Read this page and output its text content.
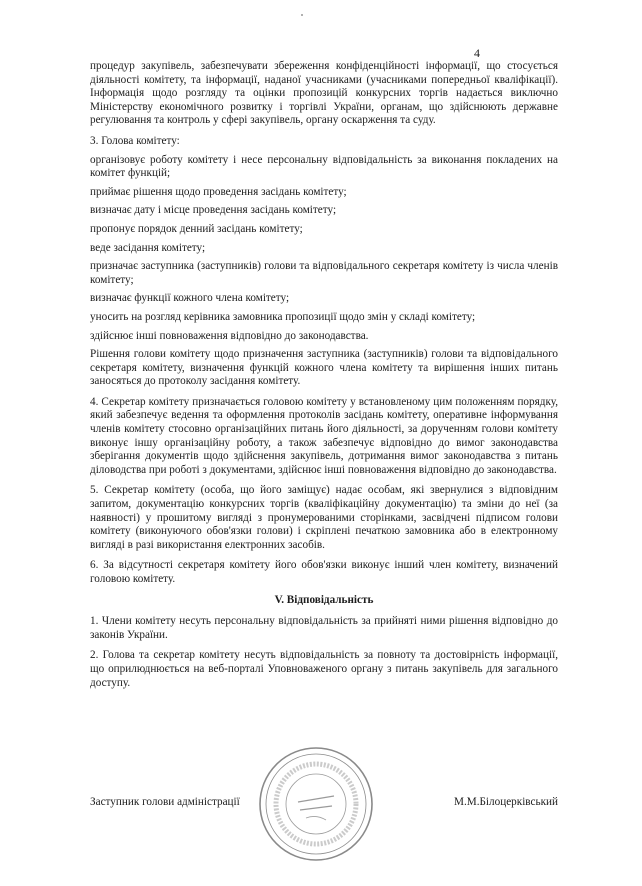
4

процедур закупівель, забезпечувати збереження конфіденційності інформації, що стосується діяльності комітету, та інформації, наданої учасниками (учасниками попередньої кваліфікації). Інформація щодо розгляду та оцінки пропозицій конкурсних торгів надається виключно Міністерству економічного розвитку і торгівлі України, органам, що здійснюють державне регулювання та контроль у сфері закупівель, органу оскарження та суду.

3. Голова комітету:

організовує роботу комітету і несе персональну відповідальність за виконання покладених на комітет функцій;

приймає рішення щодо проведення засідань комітету;

визначає дату і місце проведення засідань комітету;

пропонує порядок денний засідань комітету;

веде засідання комітету;

призначає заступника (заступників) голови та відповідального секретаря комітету із числа членів комітету;

визначає функції кожного члена комітету;

уносить на розгляд керівника замовника пропозиції щодо змін у складі комітету;

здійснює інші повноваження відповідно до законодавства.

Рішення голови комітету щодо призначення заступника (заступників) голови та відповідального секретаря комітету, визначення функцій кожного члена комітету та вирішення інших питань заносяться до протоколу засідання комітету.

4. Секретар комітету призначається головою комітету у встановленому цим положенням порядку, який забезпечує ведення та оформлення протоколів засідань комітету, оперативне інформування членів комітету стосовно організаційних питань його діяльності, за дорученням голови комітету виконує іншу організаційну роботу, а також забезпечує відповідно до вимог законодавства зберігання документів щодо здійснення закупівель, дотримання вимог законодавства з питань діловодства при роботі з документами, здійснює інші повноваження відповідно до законодавства.

5. Секретар комітету (особа, що його заміщує) надає особам, які звернулися з відповідним запитом, документацію конкурсних торгів (кваліфікаційну документацію) та зміни до неї (за наявності) у прошитому вигляді з пронумерованими сторінками, засвідчені підписом голови комітету (виконуючого обов'язки голови) і скріплені печаткою замовника або в електронному вигляді в разі використання електронних засобів.

6. За відсутності секретаря комітету його обов'язки виконує інший член комітету, визначений головою комітету.

V. Відповідальність

1. Члени комітету несуть персональну відповідальність за прийняті ними рішення відповідно до законів України.

2. Голова та секретар комітету несуть відповідальність за повноту та достовірність інформації, що оприлюднюється на веб-порталі Уповноваженого органу з питань закупівель для загального доступу.

Заступник голови адміністрації	М.М.Білоцерківський
